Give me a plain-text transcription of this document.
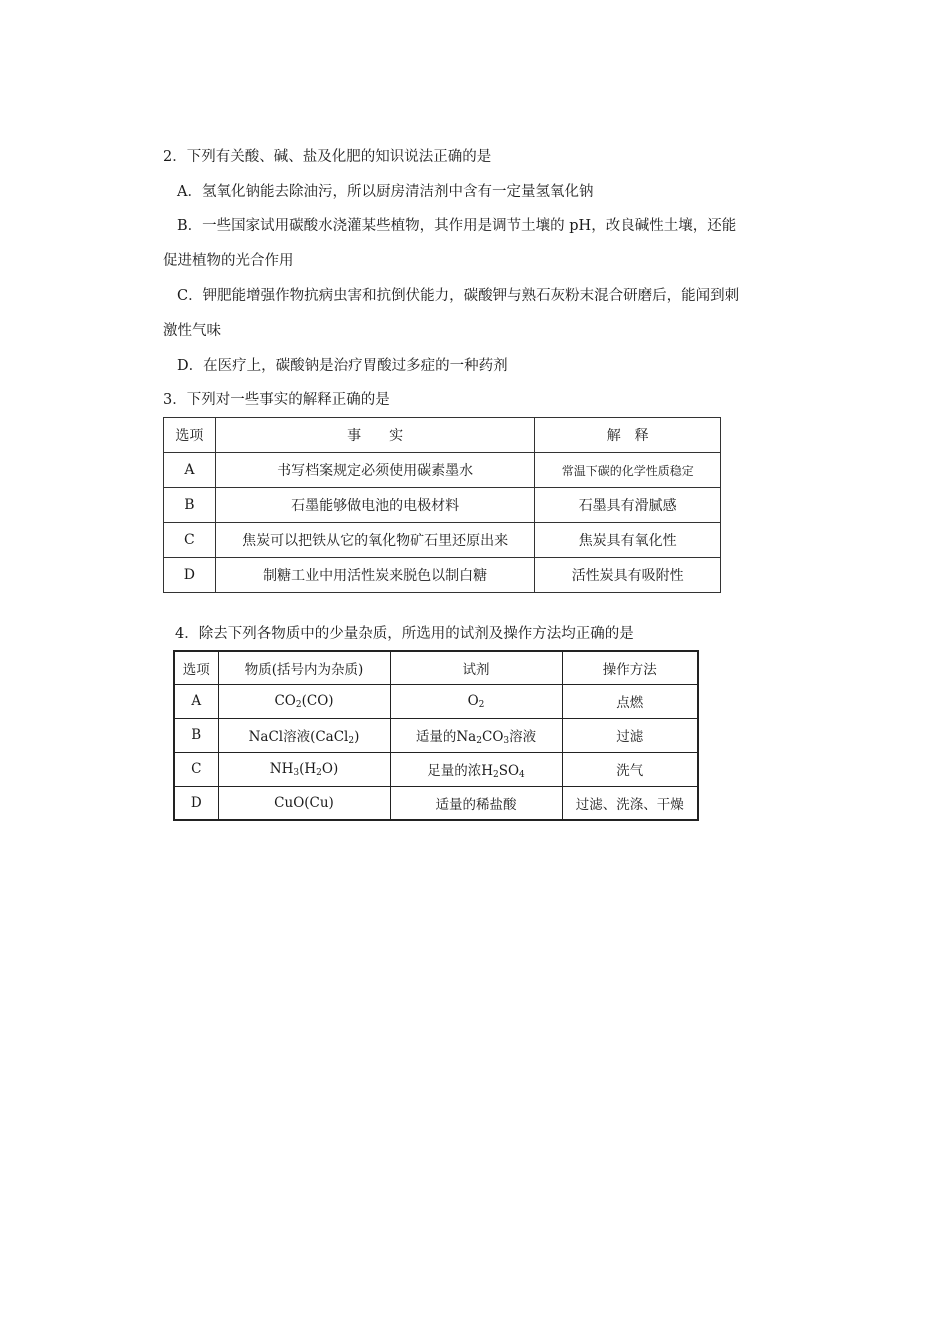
2．下列有关酸、碱、盐及化肥的知识说法正确的是
A．氢氧化钠能去除油污，所以厨房清洁剂中含有一定量氢氧化钠
B．一些国家试用碳酸水浇灌某些植物，其作用是调节土壤的 pH，改良碱性土壤，还能
促进植物的光合作用
C．钾肥能增强作物抗病虫害和抗倒伏能力，碳酸钾与熟石灰粉末混合研磨后，能闻到刺
激性气味
D．在医疗上，碳酸钠是治疗胃酸过多症的一种药剂
3．下列对一些事实的解释正确的是
选项	事　　实	解　释
A	书写档案规定必须使用碳素墨水	常温下碳的化学性质稳定
B	石墨能够做电池的电极材料	石墨具有滑腻感
C	焦炭可以把铁从它的氧化物矿石里还原出来	焦炭具有氧化性
D	制糖工业中用活性炭来脱色以制白糖	活性炭具有吸附性
4．除去下列各物质中的少量杂质，所选用的试剂及操作方法均正确的是
选项	物质(括号内为杂质)	试剂	操作方法
A	$CO_2(CO)$	$O_2$	点燃
B	NaCl溶液(CaCl$_2$)	适量的$Na_2CO_3$溶液	过滤
C	$NH_3(H_2O)$	足量的浓$H_2SO_4$	洗气
D	CuO(Cu)	适量的稀盐酸	过滤、洗涤、干燥
